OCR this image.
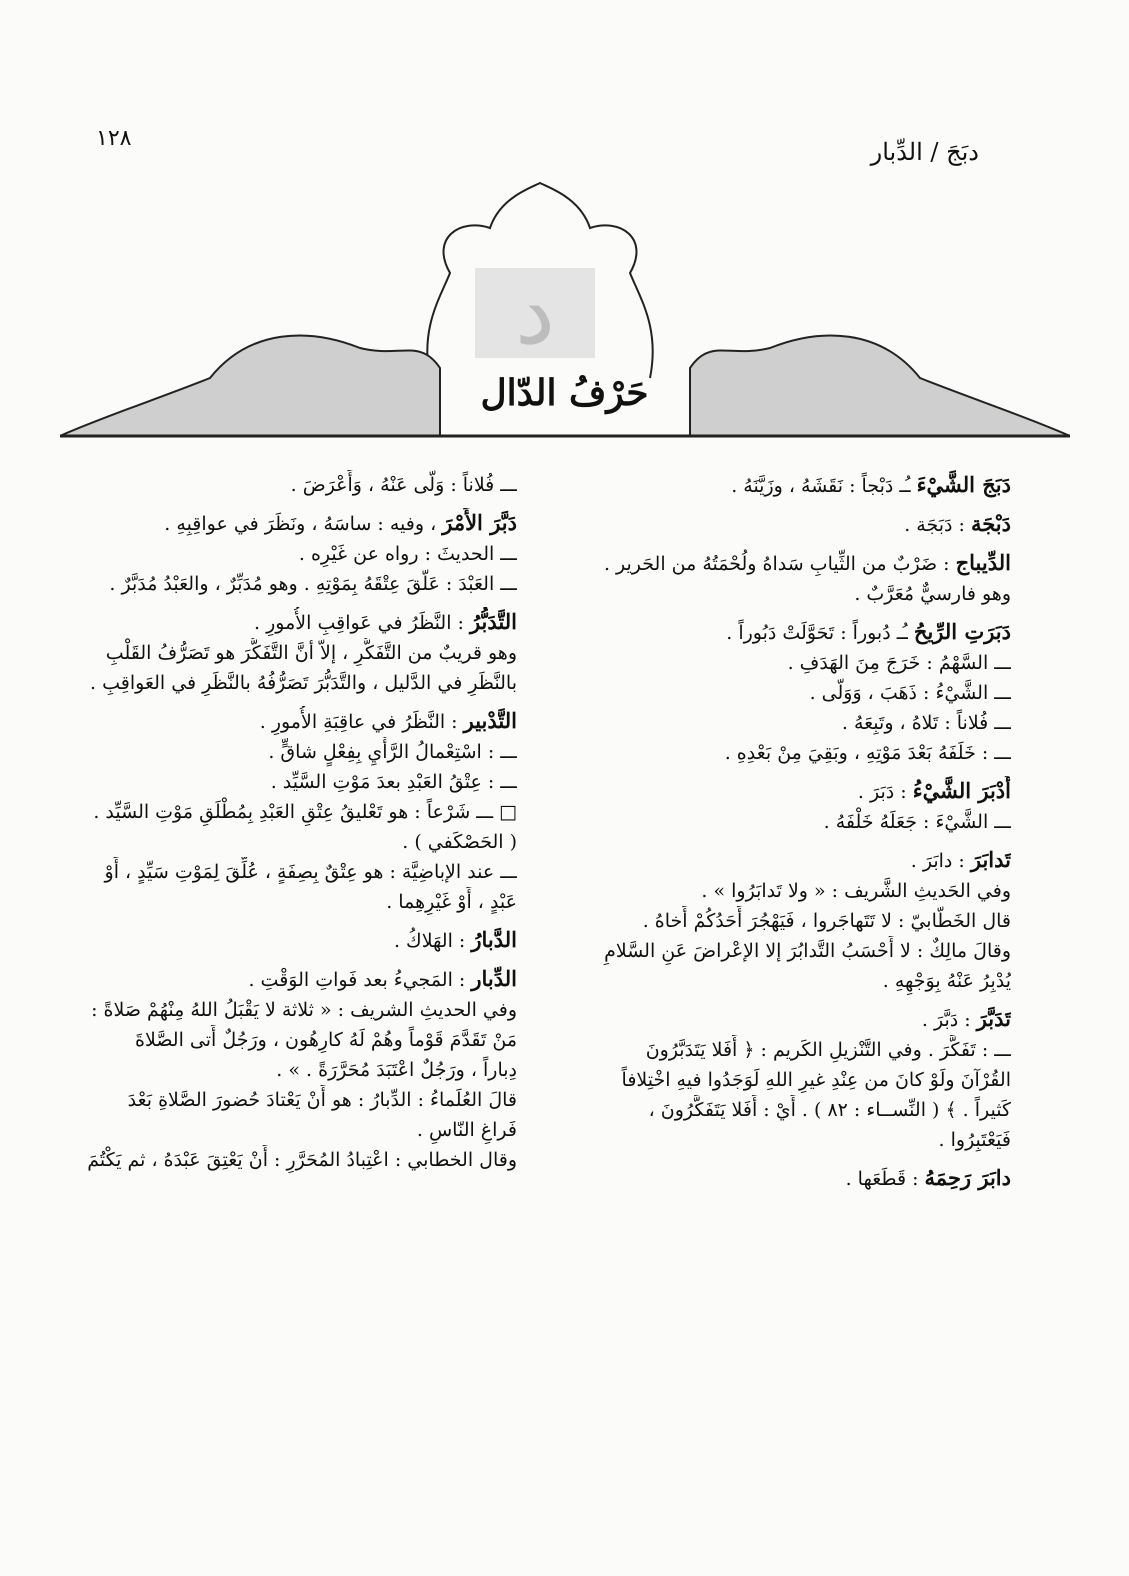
دبَجَ / الدِّبار
١٢٨
د
حَرْفُ الدّال
دَبَجَ الشَّيْءَ ـُـ دَبْجاً : نَقَشَهُ ، وزَيَّنَهُ .
دَبْجَة : دَبَجَة .
الدِّيباج : ضَرْبٌ من الثِّيابِ سَداهُ ولُحْمَتُهُ من الحَرير .
وهو فارسيٌّ مُعَرَّبٌ .
دَبَرَتِ الرِّيحُ ـُـ دُبوراً : تَحَوَّلَتْ دَبُوراً .
ـــ السَّهْمُ : خَرَجَ مِنَ الهَدَفِ .
ـــ الشَّيْءُ : ذَهَبَ ، وَوَلّى .
ـــ فُلاناً : تَلاهُ ، وتَبِعَهُ .
ـــ : خَلَفَهُ بَعْدَ مَوْتِهِ ، وبَقِيَ مِنْ بَعْدِهِ .
أَدْبَرَ الشَّيْءُ : دَبَرَ .
ـــ الشَّيْءَ : جَعَلَهُ خَلْفَهُ .
تَدابَرَ : دابَرَ .
وفي الحَديثِ الشَّريف : « ولا تَدابَرُوا » .
قال الخَطّابيّ : لا تَتَهاجَروا ، فَيَهْجُرَ أَحَدُكُمْ أَخاهُ .
وقالَ مالِكٌ : لا أَحْسَبُ التَّدابُرَ إلا الإعْراضَ عَنِ السَّلامِ
يُدْبِرُ عَنْهُ بِوَجْهِهِ .
تَدَبَّرَ : دَبَّرَ .
ـــ : تَفَكَّرَ . وفي التَّنْزيلِ الكَريم : ﴿ أَفَلا يَتَدَبَّرُونَ
القُرْآنَ ولَوْ كانَ من عِنْدِ غيرِ اللهِ لَوَجَدُوا فيهِ اخْتِلافاً
كَثيراً . ﴾ ( النِّســاء : ٨٢ ) . أَيْ : أَفَلا يَتَفَكَّرُونَ ،
فَيَعْتَبِرُوا .
دابَرَ رَحِمَهُ : قَطَعَها .
ـــ فُلاناً : وَلّى عَنْهُ ، وَأَعْرَضَ .
دَبَّرَ الأَمْرَ ، وفيه : ساسَهُ ، ونَظَرَ في عواقِبِهِ .
ـــ الحديثَ : رواه عن غَيْرِه .
ـــ العَبْدَ : عَلَّقَ عِتْقَهُ بِمَوْتِهِ . وهو مُدَبِّرٌ ، والعَبْدُ مُدَبَّرٌ .
التَّدَبُّرُ : النَّظَرُ في عَواقِبِ الأُمورِ .
وهو قريبٌ من التَّفَكُّرِ ، إلاّ أنَّ التَّفَكُّرَ هو تَصَرُّفُ القَلْبِ
بالنَّظَرِ في الدَّليل ، والتَّدَبُّرَ تَصَرُّفُهُ بالنَّظَرِ في العَواقِبِ .
التَّدْبير : النَّظَرُ في عاقِبَةِ الأُمورِ .
ـــ : اسْتِعْمالُ الرَّأْيِ بِفِعْلٍ شاقٍّ .
ـــ : عِتْقُ العَبْدِ بعدَ مَوْتِ السَّيِّد .
□ ـــ شَرْعاً : هو تَعْليقُ عِتْقِ العَبْدِ بِمُطْلَقِ مَوْتِ السَّيِّد .
( الحَصْكَفي ) .
ـــ عند الإباضِيَّة : هو عِتْقٌ بِصِفَةٍ ، عُلِّقَ لِمَوْتِ سَيِّدٍ ، أَوْ
عَبْدٍ ، أَوْ غَيْرِهِما .
الدَّبارُ : الهَلاكُ .
الدِّبار : المَجيءُ بعد فَواتِ الوَقْتِ .
وفي الحديثِ الشريف : « ثلاثة لا يَقْبَلُ اللهُ مِنْهُمْ صَلاةً :
مَنْ تَقَدَّمَ قَوْماً وهُمْ لَهُ كارِهُون ، ورَجُلٌ أَتى الصَّلاةَ
دِباراً ، ورَجُلٌ اعْتَبَدَ مُحَرَّرَةً . » .
قالَ العُلَماءُ : الدِّبارُ : هو أَنْ يَعْتادَ حُضورَ الصَّلاةِ بَعْدَ
فَراغِ النّاسِ .
وقال الخطابي : اعْتِبادُ المُحَرَّرِ : أَنْ يَعْتِقَ عَبْدَهُ ، ثم يَكْتُمَ
